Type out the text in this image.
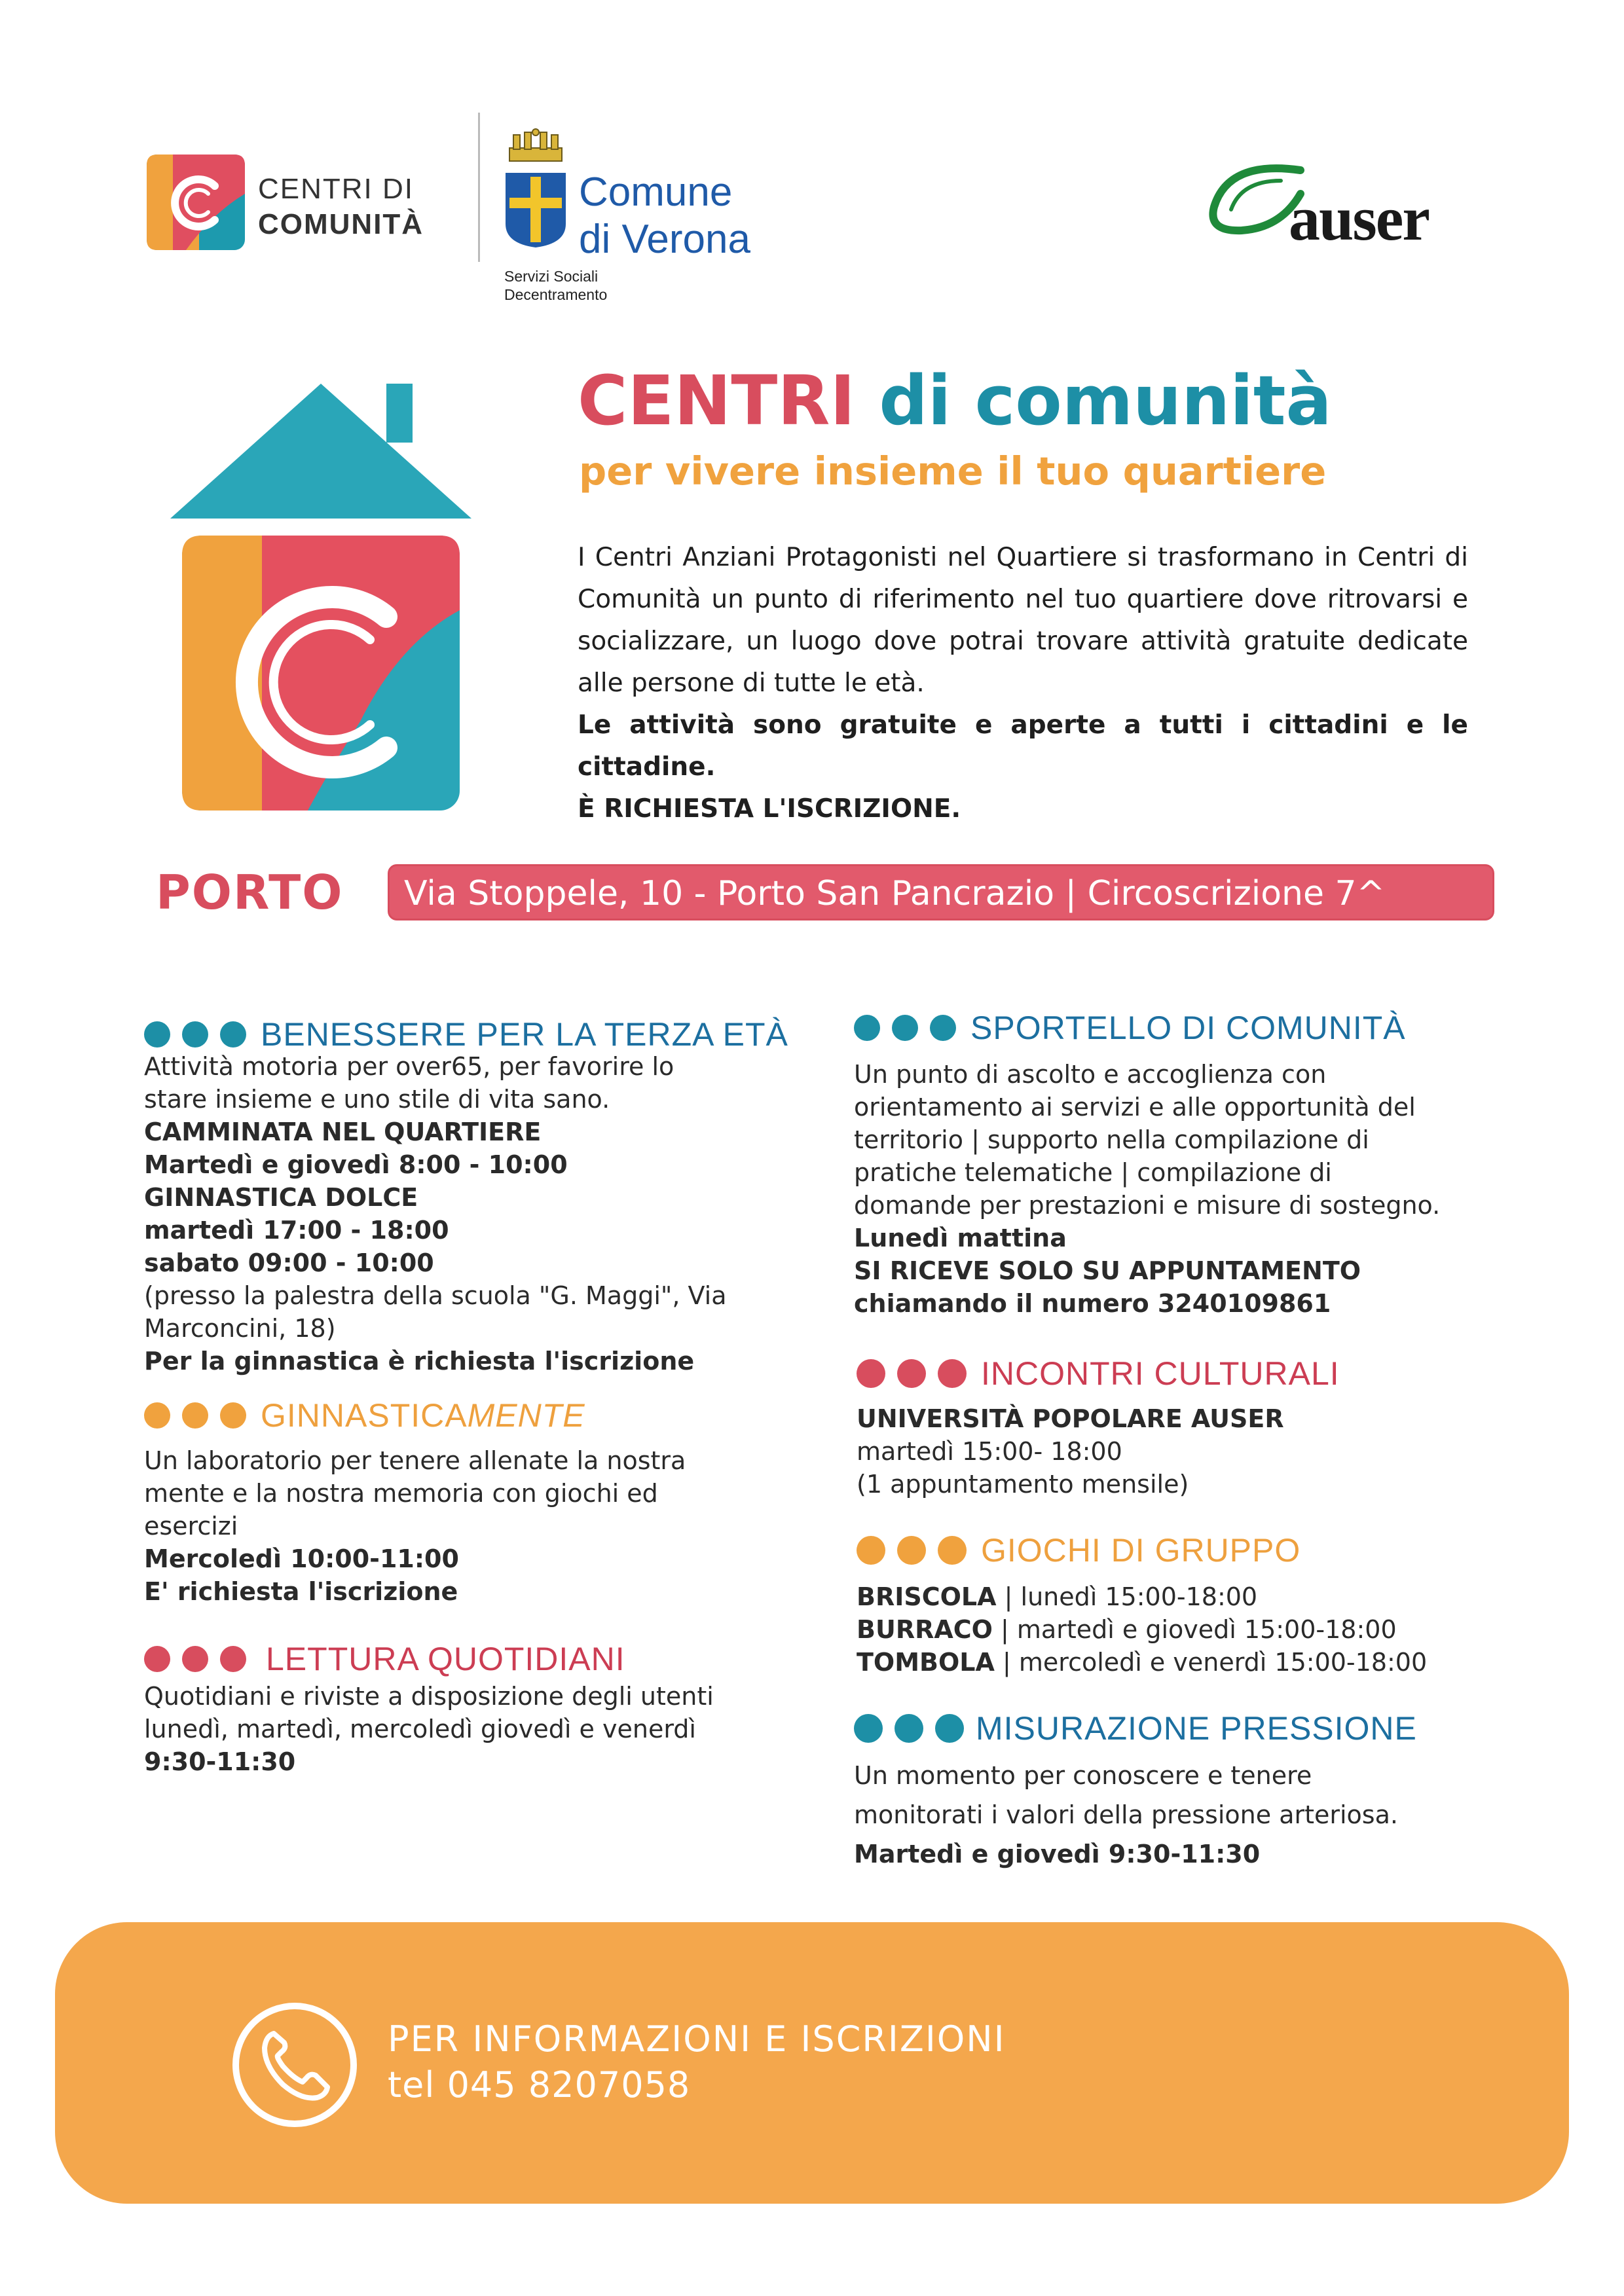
CENTRI DI
COMUNITÀ
Comune
di Verona
Servizi Sociali
Decentramento
auser
CENTRI di comunità
per vivere insieme il tuo quartiere

I Centri Anziani Protagonisti nel Quartiere si trasformano in Centri di Comunità un punto di riferimento nel tuo quartiere dove ritrovarsi e socializzare, un luogo dove potrai trovare attività gratuite dedicate alle persone di tutte le età.

Le attività sono gratuite e aperte a tutti i cittadini e le cittadine.

È RICHIESTA L'ISCRIZIONE.

PORTO	Via Stoppele, 10 - Porto San Pancrazio | Circoscrizione 7^
BENESSERE PER LA TERZA ETÀ
Attività motoria per over65, per favorire lo
stare insieme e uno stile di vita sano.
CAMMINATA NEL QUARTIERE
Martedì e giovedì 8:00 - 10:00
GINNASTICA DOLCE
martedì 17:00 - 18:00
sabato 09:00 - 10:00
(presso la palestra della scuola "G. Maggi", Via
Marconcini, 18)
Per la ginnastica è richiesta l'iscrizione
GINNASTICAMENTE
Un laboratorio per tenere allenate la nostra
mente e la nostra memoria con giochi ed
esercizi
Mercoledì 10:00-11:00
E' richiesta l'iscrizione
LETTURA QUOTIDIANI
Quotidiani e riviste a disposizione degli utenti
lunedì, martedì, mercoledì giovedì e venerdì
9:30-11:30
SPORTELLO DI COMUNITÀ
Un punto di ascolto e accoglienza con
orientamento ai servizi e alle opportunità del
territorio | supporto nella compilazione di
pratiche telematiche | compilazione di
domande per prestazioni e misure di sostegno.
Lunedì mattina
SI RICEVE SOLO SU APPUNTAMENTO
chiamando il numero 3240109861
INCONTRI CULTURALI
UNIVERSITÀ POPOLARE AUSER
martedì 15:00- 18:00
(1 appuntamento mensile)
GIOCHI DI GRUPPO
BRISCOLA | lunedì 15:00-18:00
BURRACO | martedì e giovedì 15:00-18:00
TOMBOLA | mercoledì e venerdì 15:00-18:00
MISURAZIONE PRESSIONE
Un momento per conoscere e tenere
monitorati i valori della pressione arteriosa.
Martedì e giovedì 9:30-11:30
PER INFORMAZIONI E ISCRIZIONI
tel 045 8207058
